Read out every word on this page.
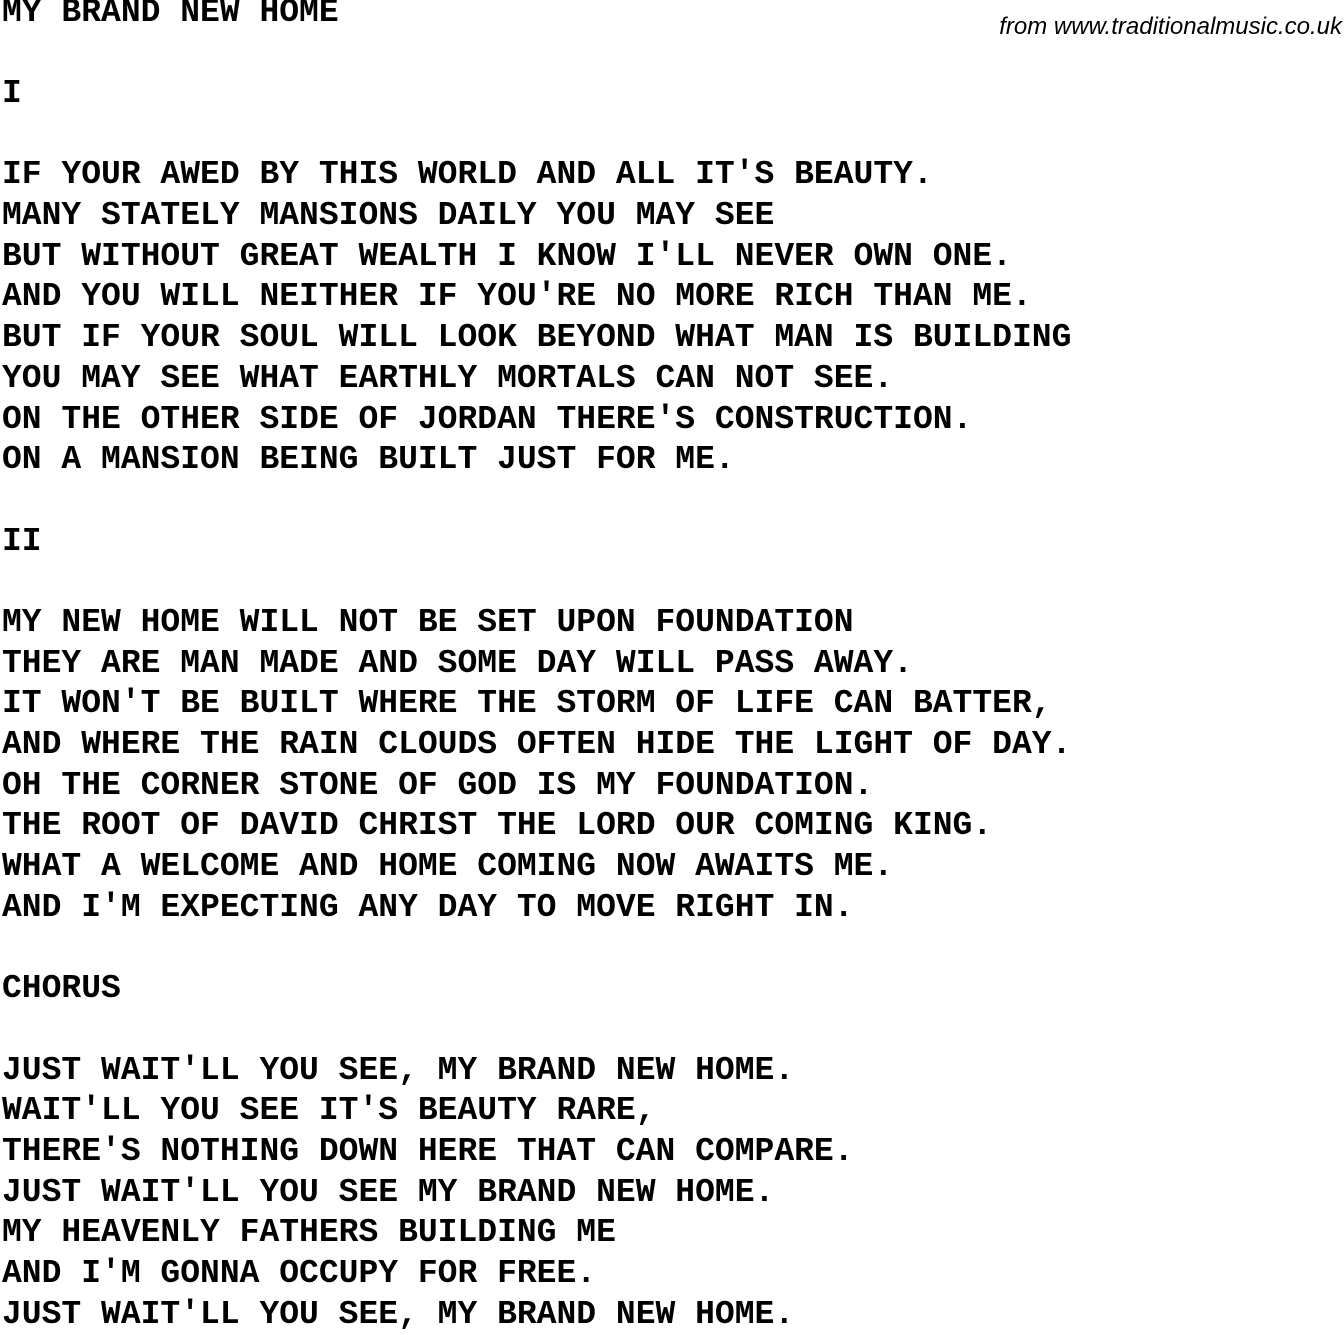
MY BRAND NEW HOME	from www.traditionalmusic.co.uk
I
IF YOUR AWED BY THIS WORLD AND ALL IT'S BEAUTY.
MANY STATELY MANSIONS DAILY YOU MAY SEE
BUT WITHOUT GREAT WEALTH I KNOW I'LL NEVER OWN ONE.
AND YOU WILL NEITHER IF YOU'RE NO MORE RICH THAN ME.
BUT IF YOUR SOUL WILL LOOK BEYOND WHAT MAN IS BUILDING
YOU MAY SEE WHAT EARTHLY MORTALS CAN NOT SEE.
ON THE OTHER SIDE OF JORDAN THERE'S CONSTRUCTION.
ON A MANSION BEING BUILT JUST FOR ME.
II
MY NEW HOME WILL NOT BE SET UPON FOUNDATION
THEY ARE MAN MADE AND SOME DAY WILL PASS AWAY.
IT WON'T BE BUILT WHERE THE STORM OF LIFE CAN BATTER,
AND WHERE THE RAIN CLOUDS OFTEN HIDE THE LIGHT OF DAY.
OH THE CORNER STONE OF GOD IS MY FOUNDATION.
THE ROOT OF DAVID CHRIST THE LORD OUR COMING KING.
WHAT A WELCOME AND HOME COMING NOW AWAITS ME.
AND I'M EXPECTING ANY DAY TO MOVE RIGHT IN.
CHORUS
JUST WAIT'LL YOU SEE, MY BRAND NEW HOME.
WAIT'LL YOU SEE IT'S BEAUTY RARE,
THERE'S NOTHING DOWN HERE THAT CAN COMPARE.
JUST WAIT'LL YOU SEE MY BRAND NEW HOME.
MY HEAVENLY FATHERS BUILDING ME
AND I'M GONNA OCCUPY FOR FREE.
JUST WAIT'LL YOU SEE, MY BRAND NEW HOME.
